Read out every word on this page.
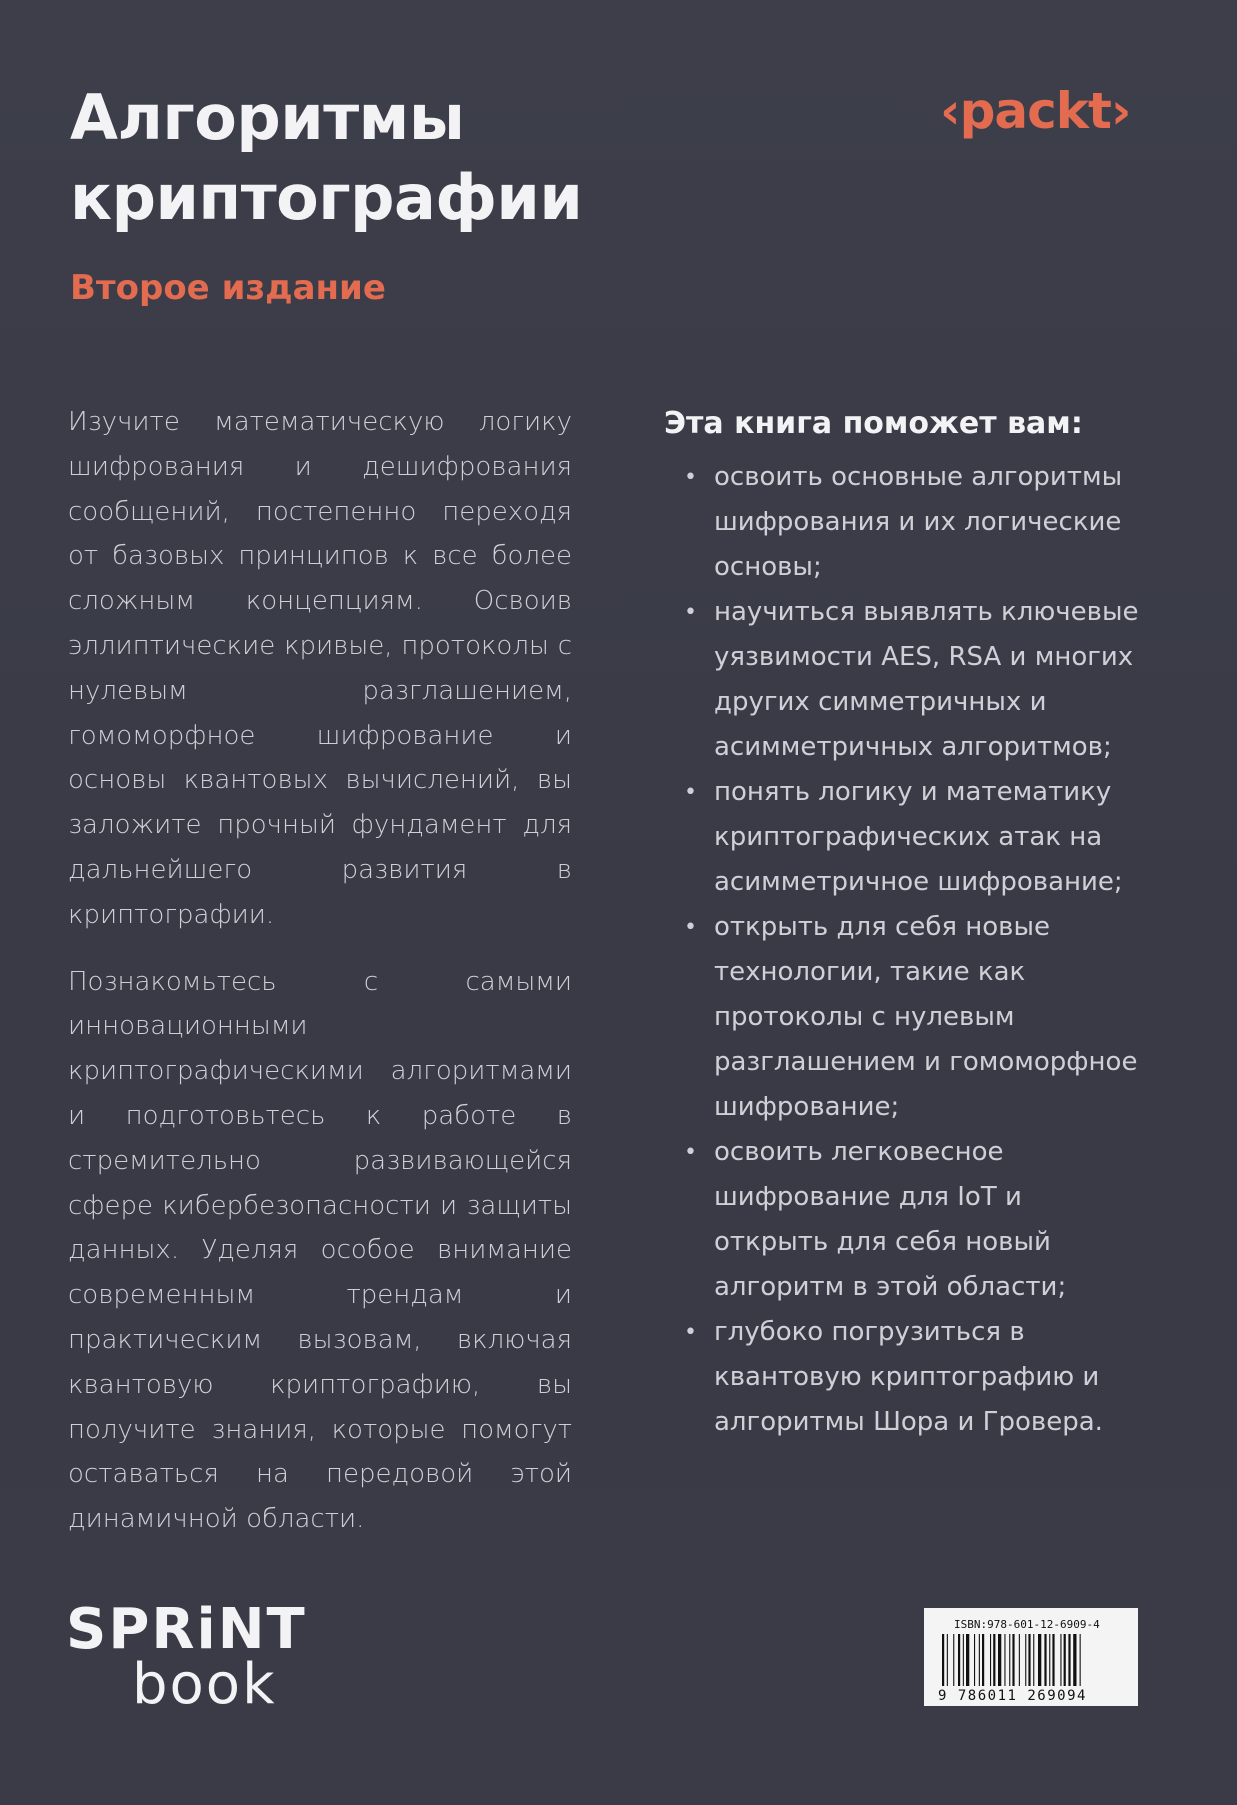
Алгоритмы
криптографии
Второе издание
‹packt›

Изучите математическую логику шифрования и дешифрования сообщений, постепенно переходя от базовых принципов к все более сложным концепциям. Освоив эллиптические кривые, протоколы с нулевым разглашением, гомоморфное шифрование и основы квантовых вычислений, вы заложите прочный фундамент для дальнейшего развития в криптографии.

Познакомьтесь с самыми инновационными криптографическими алгоритмами и подготовьтесь к работе в стремительно развивающейся сфере кибербезопасности и защиты данных. Уделяя особое внимание современным трендам и практическим вызовам, включая квантовую криптографию, вы получите знания, которые помогут оставаться на передовой этой динамичной области.

Эта книга поможет вам:
• освоить основные алгоритмы шифрования и их логические основы;
• научиться выявлять ключевые уязвимости AES, RSA и многих других симметричных и асимметричных алгоритмов;
• понять логику и математику криптографических атак на асимметричное шифрование;
• открыть для себя новые технологии, такие как протоколы с нулевым разглашением и гомоморфное шифрование;
• освоить легковесное шифрование для IoT и открыть для себя новый алгоритм в этой области;
• глубоко погрузиться в квантовую криптографию и алгоритмы Шора и Гровера.
SPRiNT
book
ISBN:978-601-12-6909-4
9 786011 269094
